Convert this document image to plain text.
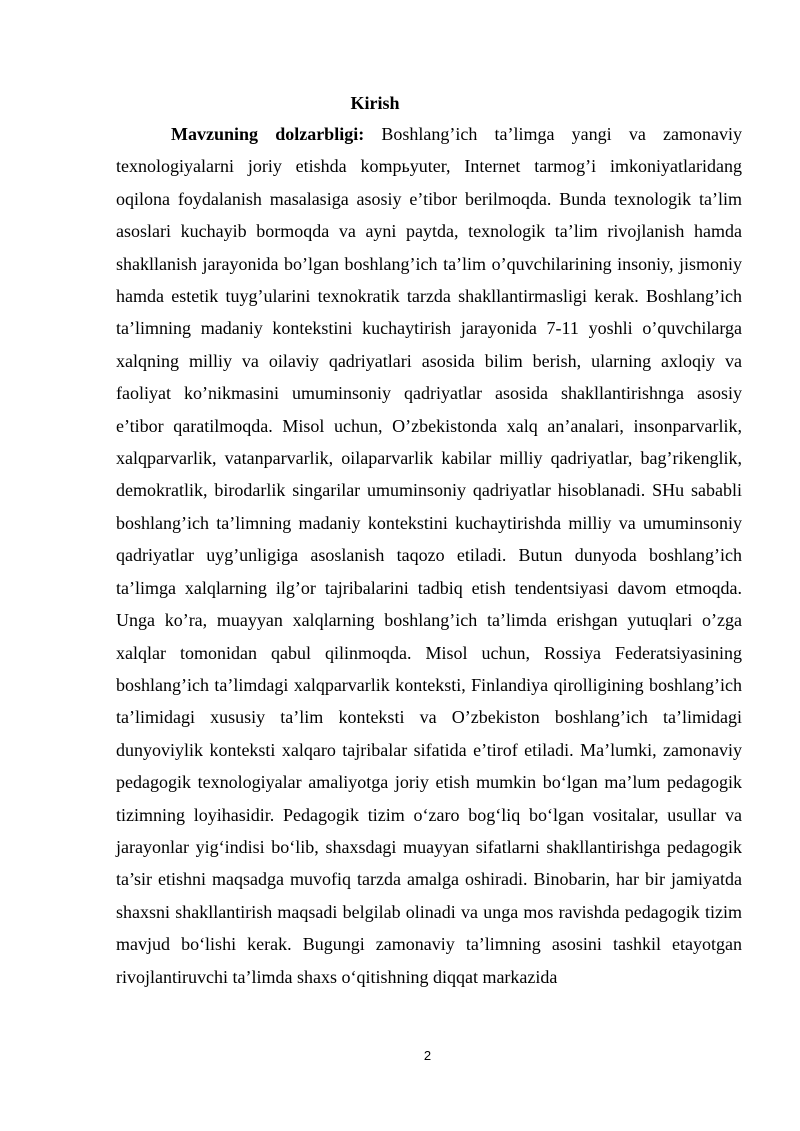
Kirish

Mavzuning dolzarbligi: Boshlang’ich ta’limga yangi va zamonaviy texnologiyalarni joriy etishda kompьyuter, Internet tarmog’i imkoniyatlaridang oqilona foydalanish masalasiga asosiy e’tibor berilmoqda. Bunda texnologik ta’lim asoslari kuchayib bormoqda va ayni paytda, texnologik ta’lim rivojlanish hamda shakllanish jarayonida bo’lgan boshlang’ich ta’lim o’quvchilarining insoniy, jismoniy hamda estetik tuyg’ularini texnokratik tarzda shakllantirmasligi kerak. Boshlang’ich ta’limning madaniy kontekstini kuchaytirish jarayonida 7-11 yoshli o’quvchilarga xalqning milliy va oilaviy qadriyatlari asosida bilim berish, ularning axloqiy va faoliyat ko’nikmasini umuminsoniy qadriyatlar asosida shakllantirishnga asosiy e’tibor qaratilmoqda. Misol uchun, O’zbekistonda xalq an’analari, insonparvarlik, xalqparvarlik, vatanparvarlik, oilaparvarlik kabilar milliy qadriyatlar, bag’rikenglik, demokratlik, birodarlik singarilar umuminsoniy qadriyatlar hisoblanadi. SHu sababli boshlang’ich ta’limning madaniy kontekstini kuchaytirishda milliy va umuminsoniy qadriyatlar uyg’unligiga asoslanish taqozo etiladi. Butun dunyoda boshlang’ich ta’limga xalqlarning ilg’or tajribalarini tadbiq etish tendentsiyasi davom etmoqda. Unga ko’ra, muayyan xalqlarning boshlang’ich ta’limda erishgan yutuqlari o’zga xalqlar tomonidan qabul qilinmoqda. Misol uchun, Rossiya Federatsiyasining boshlang’ich ta’limdagi xalqparvarlik konteksti, Finlandiya qirolligining boshlang’ich ta’limidagi xususiy ta’lim konteksti va O’zbekiston boshlang’ich ta’limidagi dunyoviylik konteksti xalqaro tajribalar sifatida e’tirof etiladi. Ma’lumki, zamonaviy pedagogik texnologiyalar amaliyotga joriy etish mumkin bo‘lgan ma’lum pedagogik tizimning loyihasidir. Pedagogik tizim o‘zaro bog‘liq bo‘lgan vositalar, usullar va jarayonlar yig‘indisi bo‘lib, shaxsdagi muayyan sifatlarni shakllantirishga pedagogik ta’sir etishni maqsadga muvofiq tarzda amalga oshiradi. Binobarin, har bir jamiyatda shaxsni shakllantirish maqsadi belgilab olinadi va unga mos ravishda pedagogik tizim mavjud bo‘lishi kerak. Bugungi zamonaviy ta’limning asosini tashkil etayotgan rivojlantiruvchi ta’limda shaxs o‘qitishning diqqat markazida

2
